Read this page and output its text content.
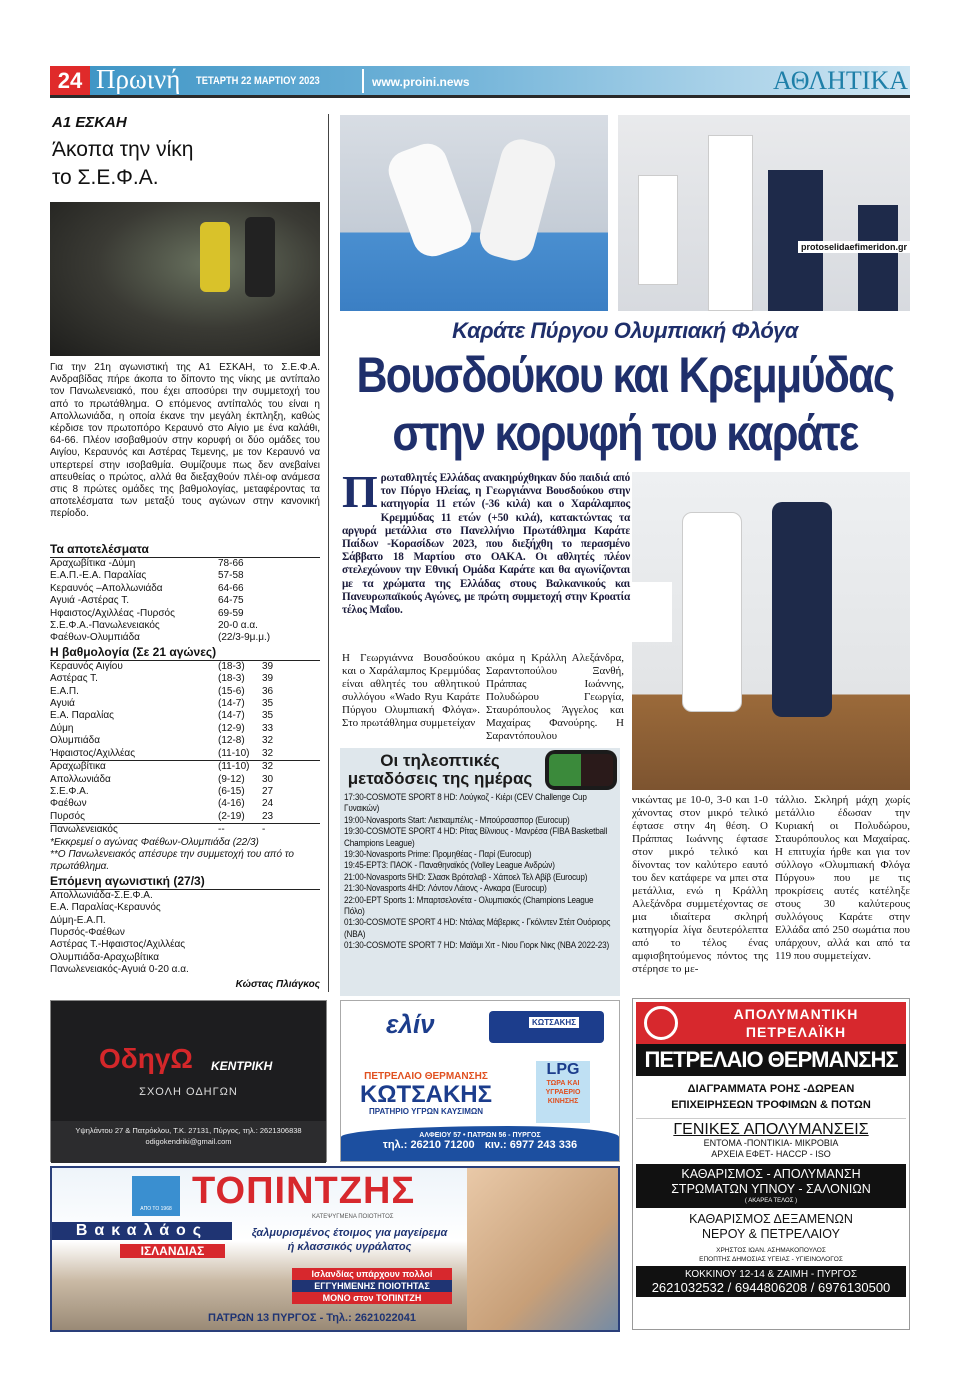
24 Πρωινή ΤΕΤΑΡΤΗ 22 ΜΑΡΤΙΟΥ 2023	www.proini.news	ΑΘΛΗΤΙΚΑ
Α1 ΕΣΚΑΗ
Άκοπα την νίκη
το Σ.Ε.Φ.Α.
Για την 21η αγωνιστική της Α1 ΕΣΚΑΗ, το Σ.Ε.Φ.Α. Ανδραβίδας πήρε άκοπα το δίποντο της νίκης με αντίπαλο τον Πανωλενειακό, που έχει αποσύρει την συμμετοχή του από το πρωτάθλημα. Ο επόμενος αντίπαλός του είναι η Απολλωνιάδα, η οποία έκανε την μεγάλη έκπληξη, καθώς κέρδισε τον πρωτοπόρο Κεραυνό στο Αίγιο με ένα καλάθι, 64-66. Πλέον ισοβαθμούν στην κορυφή οι δύο ομάδες του Αιγίου, Κεραυνός και Αστέρας Τεμενης, με τον Κεραυνό να υπερτερεί στην ισοβαθμία. Θυμίζουμε πως δεν ανεβαίνει απευθείας ο πρώτος, αλλά θα διεξαχθούν πλέι-οφ ανάμεσα στις 8 πρώτες ομάδες της βαθμολογίας, μεταφέροντας τα αποτελέσματα των μεταξύ τους αγώνων στην κανονική περίοδο.
Τα αποτελέσματα
Αραχωβίτικα -Δύμη	78-66
Ε.Α.Π.-Ε.Α. Παραλίας	57-58
Κεραυνός –Απολλωνιάδα	64-66
Αγυιά -Αστέρας Τ.	64-75
Ηφαιστος/Αχιλλέας -Πυρσός	69-59
Σ.Ε.Φ.Α.-Πανωλενειακός	20-0 α.α.
Φαέθων-Ολυμπιάδα	(22/3-9μ.μ.)
Η βαθμολογία (Σε 21 αγώνες)
Κεραυνός Αιγίου	(18-3)	39
Αστέρας Τ.	(18-3)	39
Ε.Α.Π.	(15-6)	36
Αγυιά	(14-7)	35
Ε.Α. Παραλίας	(14-7)	35
Δύμη	(12-9)	33
Ολυμπιάδα	(12-8)	32
Ήφαιστος/Αχιλλέας	(11-10)	32
Αραχωβίτικα	(11-10)	32
Απολλωνιάδα	(9-12)	30
Σ.Ε.Φ.Α.	(6-15)	27
Φαέθων	(4-16)	24
Πυρσός	(2-19)	23
Πανωλενειακός	--	-
*Εκκρεμεί ο αγώνας Φαέθων-Ολυμπιάδα (22/3)
**Ο Πανωλενειακός απέσυρε την συμμετοχή του από το πρωτάθλημα.
Επόμενη αγωνιστική (27/3)
Απολλωνιάδα-Σ.Ε.Φ.Α.
Ε.Α. Παραλίας-Κεραυνός
Δύμη-Ε.Α.Π.
Πυρσός-Φαέθων
Αστέρας Τ.-Ηφαιστος/Αχιλλέας
Ολυμπιάδα-Αραχωβίτικα
Πανωλενειακός-Αγυιά 0-20 α.α.
Κώστας Πλιάγκος
protoselidaefimeridon.gr
Καράτε Πύργου Ολυμπιακή Φλόγα
Βουσδούκου και Κρεμμύδας
στην κορυφή του καράτε
Πρωταθλητές Ελλάδας ανακηρύχθηκαν δύο παιδιά από τον Πύργο Ηλείας, η Γεωργιάννα Βουσδούκου στην κατηγορία 11 ετών (-36 κιλά) και ο Χαράλαμπος Κρεμμύδας 11 ετών (+50 κιλά), κατακτώντας τα αργυρά μετάλλια στο Πανελλήνιο Πρωτάθλημα Καράτε Παίδων -Κορασίδων 2023, που διεξήχθη το περασμένο Σάββατο 18 Μαρτίου στο ΟΑΚΑ. Οι αθλητές πλέον στελεχώνουν την Εθνική Ομάδα Καράτε και θα αγωνίζονται με τα χρώματα της Ελλάδας στους Βαλκανικούς και Πανευρωπαϊκούς Αγώνες, με πρώτη συμμετοχή στην Κροατία τέλος Μαΐου.
Η Γεωργιάννα Βουσδούκου και ο Χαράλαμπος Κρεμμύδας είναι αθλητές του αθλητικού συλλόγου «Wado Ryu Καράτε Πύργου Ολυμπιακή Φλόγα». Στο πρωτάθλημα συμμετείχαν
ακόμα η Κράλλη Αλεξάνδρα, Σαραντοπούλου Ξανθή, Πράππας Ιωάννης, Πολυδώρου Γεωργία, Σταυρόπουλος Άγγελος και Μαχαίρας Φανούρης. Η Σαραντόπουλου
νικώντας με 10-0, 3-0 και 1-0 χάνοντας στον μικρό τελικό έφτασε στην 4η θέση. Ο Πράππας Ιωάννης έφτασε στον μικρό τελικό και δίνοντας τον καλύτερο εαυτό του δεν κατάφερε να μπει στα μετάλλια, ενώ η Κράλλη Αλεξάνδρα συμμετέχοντας σε μια ιδιαίτερα σκληρή κατηγορία λίγα δευτερόλεπτα από το τέλος ένας αμφισβητούμενος πόντος της στέρησε το με-
τάλλιο. Σκληρή μάχη χωρίς μετάλλιο έδωσαν την Κυριακή οι Πολυδώρου, Σταυρόπουλος και Μαχαίρας. Η επιτυχία ήρθε και για τον σύλλογο «Ολυμπιακή Φλόγα Πύργου» που με τις προκρίσεις αυτές κατέληξε στους 30 καλύτερους συλλόγους Καράτε στην Ελλάδα από 250 σωμάτια που υπάρχουν, αλλά και από τα 119 που συμμετείχαν.
Οι τηλεοπτικές
μεταδόσεις της ημέρας
17:30-COSMOTE SPORT 8 HD: Λούγκοζ - Κιέρι (CEV Challenge Cup Γυναικών)
19:00-Novasports Start: Λιετκαμπέλις - Μπούρσασπορ (Eurocup)
19:30-COSMOTE SPORT 4 HD: Ρίτας Βίλνιους - Μανρέσα (FIBA Basketball Champions League)
19:30-Novasports Prime: Προμηθέας - Παρί (Eurocup)
19:45-ΕΡΤ3: ΠΑΟΚ - Παναθηναϊκός (Volley League Ανδρών)
21:00-Novasports 5HD: Σλασκ Βρότσλαβ - Χάποελ Τελ Αβίβ (Eurocup)
21:30-Novasports 4HD: Λόντον Λάιονς - Ανκαρα (Eurocup)
22:00-ΕΡΤ Sports 1: Μπαρτσελονέτα - Ολυμπιακός (Champions League Πόλο)
01:30-COSMOTE SPORT 4 HD: Ντάλας Μάβερικς - Γκόλντεν Στέιτ Ουόριορς (NBA)
01:30-COSMOTE SPORT 7 HD: Μαϊάμι Χιτ - Νιου Γιορκ Νικς (NBA 2022-23)
ΟδηγΩ ΚΕΝΤΡΙΚΗ
ΣΧΟΛΗ ΟΔΗΓΩΝ
Υψηλάντου 27 & Πατρόκλου, Τ.Κ. 27131, Πύργος, τηλ.: 2621306838
odigokendriki@gmail.com
ελίν	ΚΩΤΣΑΚΗΣ
ΠΕΤΡΕΛΑΙΟ ΘΕΡΜΑΝΣΗΣ
ΚΩΤΣΑΚΗΣ
ΠΡΑΤΗΡΙΟ ΥΓΡΩΝ ΚΑΥΣΙΜΩΝ
LPG
ΤΩΡΑ ΚΑΙ ΥΓΡΑΕΡΙΟ ΚΙΝΗΣΗΣ
ΑΛΦΕΙΟΥ 57 • ΠΑΤΡΩΝ 56 - ΠΥΡΓΟΣ
τηλ.: 26210 71200 κιν.: 6977 243 336
ΑΠΟΛΥΜΑΝΤΙΚΗ
ΠΕΤΡΕΛΑΪΚΗ
ΠΕΤΡΕΛΑΙΟ ΘΕΡΜΑΝΣΗΣ
ΔΙΑΓΡΑΜΜΑΤΑ ΡΟΗΣ -ΔΩΡΕΑΝ
ΕΠΙΧΕΙΡΗΣΕΩΝ ΤΡΟΦΙΜΩΝ & ΠΟΤΩΝ
ΓΕΝΙΚΕΣ ΑΠΟΛΥΜΑΝΣΕΙΣ
ΕΝΤΟΜΑ -ΠΟΝΤΙΚΙΑ- ΜΙΚΡΟΒΙΑ
ΑΡΧΕΙΑ ΕΦΕΤ- HACCP - ISO
ΚΑΘΑΡΙΣΜΟΣ - ΑΠΟΛΥΜΑΝΣΗ
ΣΤΡΩΜΑΤΩΝ ΥΠΝΟΥ - ΣΑΛΟΝΙΩΝ
( ΑΚΑΡΕΑ ΤΕΛΟΣ )
ΚΑΘΑΡΙΣΜΟΣ ΔΕΞΑΜΕΝΩΝ
ΝΕΡΟΥ & ΠΕΤΡΕΛΑΙΟΥ
ΧΡΗΣΤΟΣ ΙΩΑΝ. ΑΣΗΜΑΚΟΠΟΥΛΟΣ
ΕΠΟΠΤΗΣ ΔΗΜΟΣΙΑΣ ΥΓΕΙΑΣ - ΥΓΙΕΙΝΟΛΟΓΟΣ
ΚΟΚΚΙΝΟΥ 12-14 & ΖΑΙΜΗ - ΠΥΡΓΟΣ
2621032532 / 6944806208 / 6976130500
ΑΠΟ ΤΟ 1968 ΤΟΠΙΝΤΖΗΣ
ΚΑΤΕΨΥΓΜΕΝΑ ΠΟΙΟΤΗΤΟΣ
Βακαλάος
ΙΣΛΑΝΔΙΑΣ
ξαλμυρισμένος έτοιμος για μαγείρεμα
ή κλασσικός υγράλατος
Ισλανδίας υπάρχουν πολλοί
ΕΓΓΥΗΜΕΝΗΣ ΠΟΙΟΤΗΤΑΣ
ΜΟΝΟ στον ΤΟΠΙΝΤΖΗ
ΠΑΤΡΩΝ 13 ΠΥΡΓΟΣ - Τηλ.: 2621022041
